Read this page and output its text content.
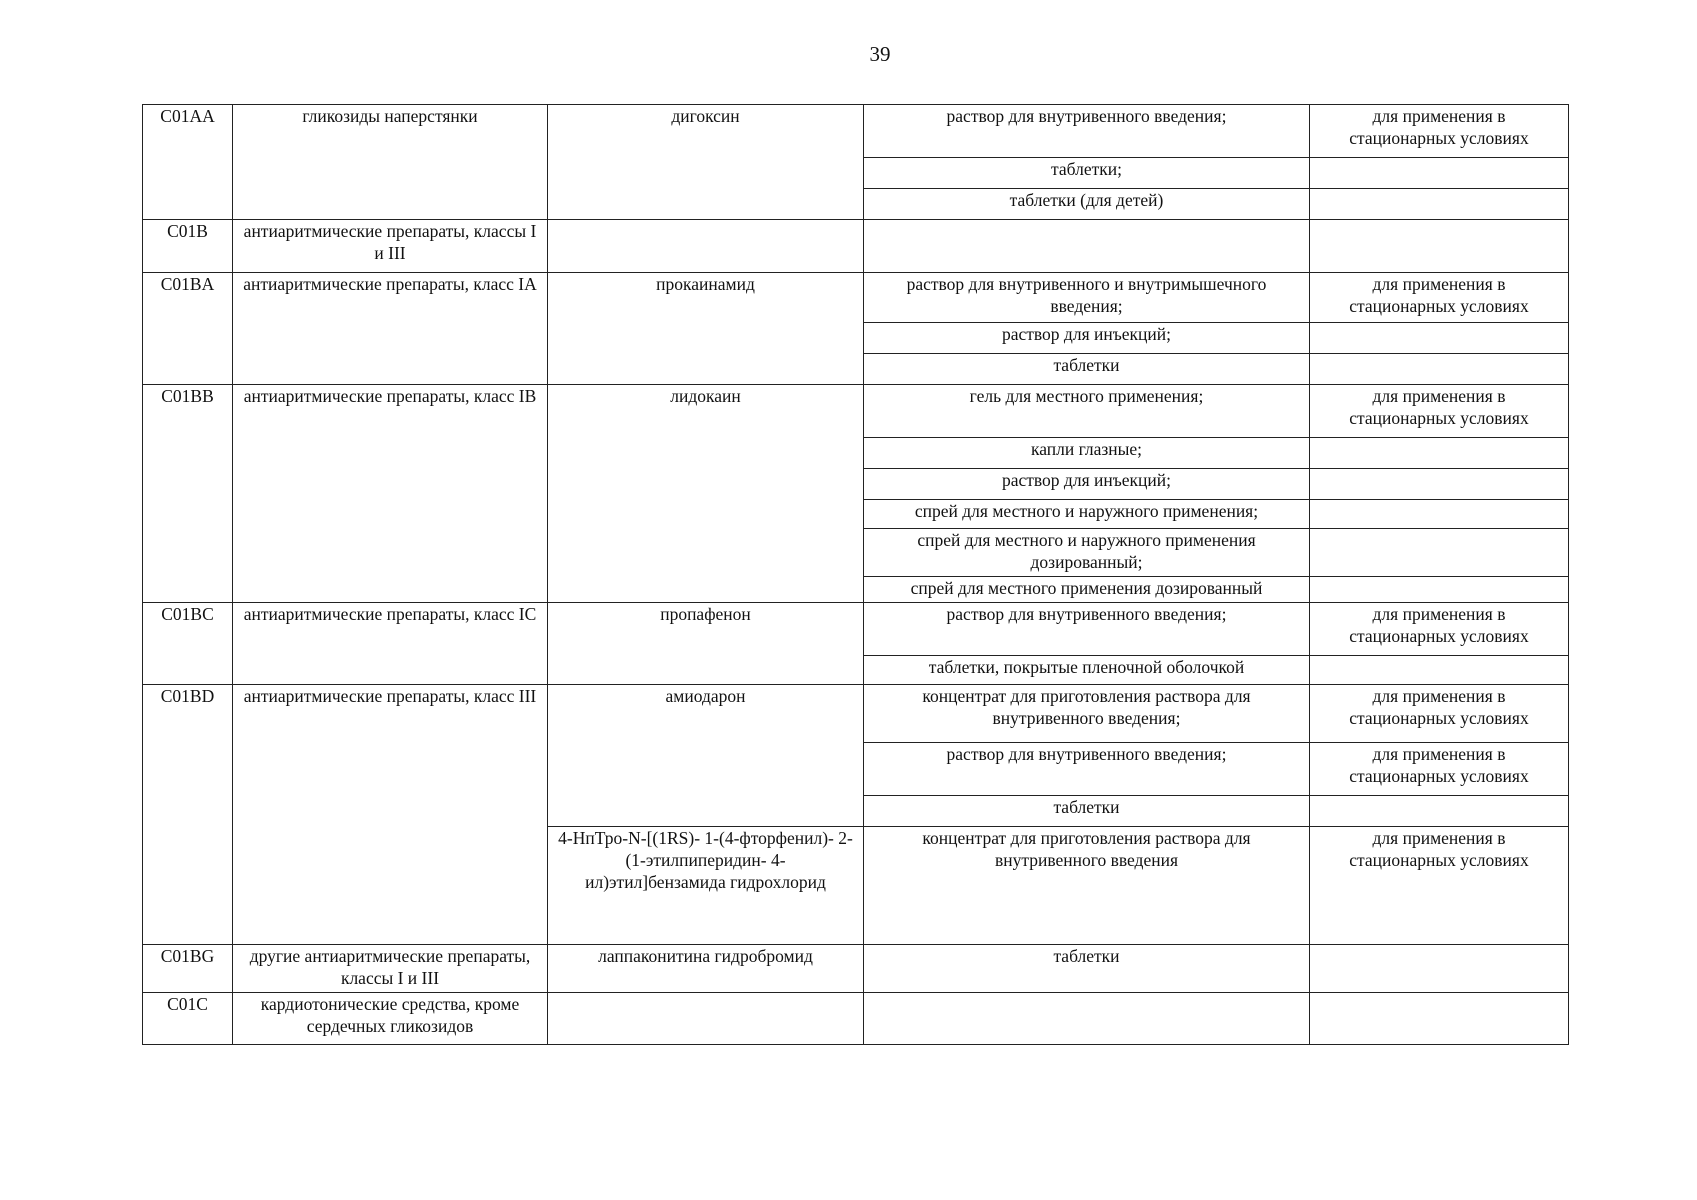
39
C01AA	гликозиды наперстянки	дигоксин	раствор для внутривенного введения;	для применения в стационарных условиях
			таблетки;	
			таблетки (для детей)	
C01B	антиаритмические препараты, классы I и III			
C01BA	антиаритмические препараты, класс IA	прокаинамид	раствор для внутривенного и внутримышечного введения;	для применения в стационарных условиях
			раствор для инъекций;	
			таблетки	
C01BB	антиаритмические препараты, класс IB	лидокаин	гель для местного применения;	для применения в стационарных условиях
			капли глазные;	
			раствор для инъекций;	
			спрей для местного и наружного применения;	
			спрей для местного и наружного применения дозированный;	
			спрей для местного применения дозированный	
C01BC	антиаритмические препараты, класс IC	пропафенон	раствор для внутривенного введения;	для применения в стационарных условиях
			таблетки, покрытые пленочной оболочкой	
C01BD	антиаритмические препараты, класс III	амиодарон	концентрат для приготовления раствора для внутривенного введения;	для применения в стационарных условиях
			раствор для внутривенного введения;	для применения в стационарных условиях
			таблетки	
		4-НпТро-N-[(1RS)- 1-(4-фторфенил)- 2-(1-этилпиперидин- 4-ил)этил]бензамида гидрохлорид	концентрат для приготовления раствора для внутривенного введения	для применения в стационарных условиях
C01BG	другие антиаритмические препараты, классы I и III	лаппаконитина гидробромид	таблетки	
C01C	кардиотонические средства, кроме сердечных гликозидов			
